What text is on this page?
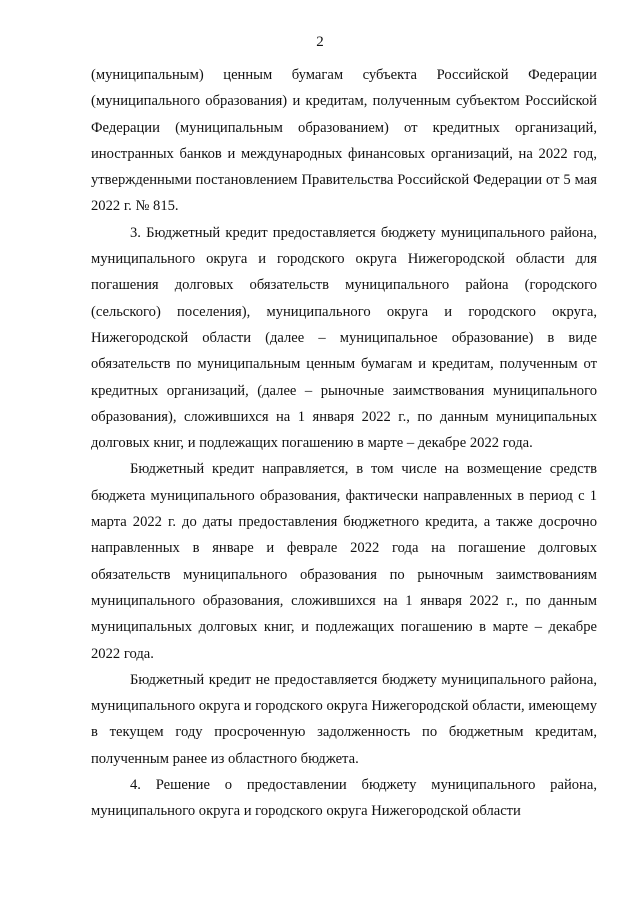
2

(муниципальным) ценным бумагам субъекта Российской Федерации (муниципального образования) и кредитам, полученным субъектом Российской Федерации (муниципальным образованием) от кредитных организаций, иностранных банков и международных финансовых организаций, на 2022 год, утвержденными постановлением Правительства Российской Федерации от 5 мая 2022 г. № 815.

3. Бюджетный кредит предоставляется бюджету муниципального района, муниципального округа и городского округа Нижегородской области для погашения долговых обязательств муниципального района (городского (сельского) поселения), муниципального округа и городского округа, Нижегородской области (далее – муниципальное образование) в виде обязательств по муниципальным ценным бумагам и кредитам, полученным от кредитных организаций, (далее – рыночные заимствования муниципального образования), сложившихся на 1 января 2022 г., по данным муниципальных долговых книг, и подлежащих погашению в марте – декабре 2022 года.

Бюджетный кредит направляется, в том числе на возмещение средств бюджета муниципального образования, фактически направленных в период с 1 марта 2022 г. до даты предоставления бюджетного кредита, а также досрочно направленных в январе и феврале 2022 года на погашение долговых обязательств муниципального образования по рыночным заимствованиям муниципального образования, сложившихся на 1 января 2022 г., по данным муниципальных долговых книг, и подлежащих погашению в марте – декабре 2022 года.

Бюджетный кредит не предоставляется бюджету муниципального района, муниципального округа и городского округа Нижегородской области, имеющему в текущем году просроченную задолженность по бюджетным кредитам, полученным ранее из областного бюджета.

4. Решение о предоставлении бюджету муниципального района, муниципального округа и городского округа Нижегородской области
